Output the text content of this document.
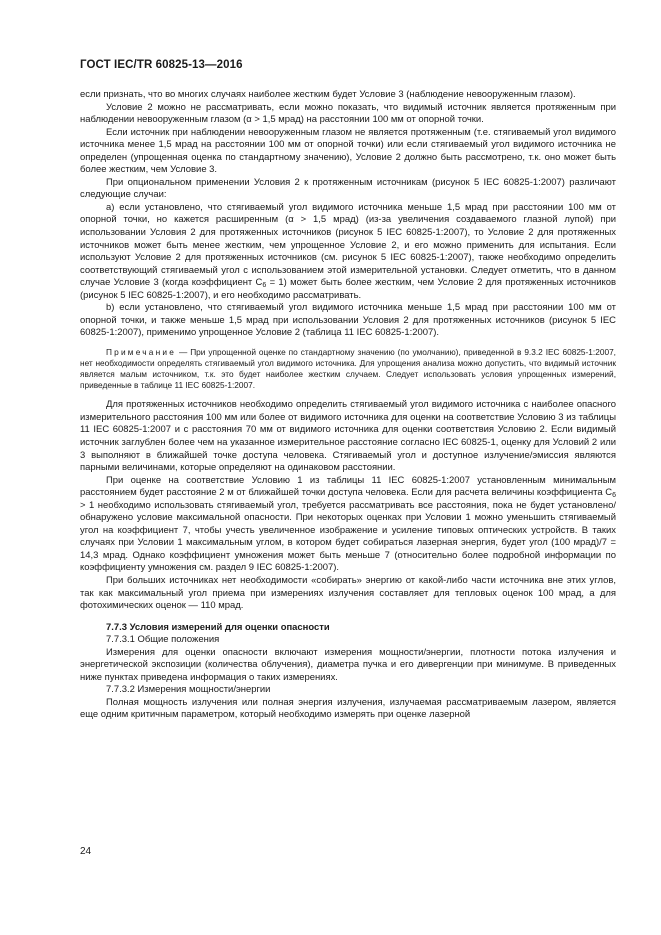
ГОСТ IEC/TR 60825-13—2016

если признать, что во многих случаях наиболее жестким будет Условие 3 (наблюдение невооруженным глазом).

Условие 2 можно не рассматривать, если можно показать, что видимый источник является протяженным при наблюдении невооруженным глазом (α > 1,5 мрад) на расстоянии 100 мм от опорной точки.

Если источник при наблюдении невооруженным глазом не является протяженным (т.е. стягиваемый угол видимого источника менее 1,5 мрад на расстоянии 100 мм от опорной точки) или если стягиваемый угол видимого источника не определен (упрощенная оценка по стандартному значению), Условие 2 должно быть рассмотрено, т.к. оно может быть более жестким, чем Условие 3.

При опциональном применении Условия 2 к протяженным источникам (рисунок 5 IEC 60825-1:2007) различают следующие случаи:

а) если установлено, что стягиваемый угол видимого источника меньше 1,5 мрад при расстоянии 100 мм от опорной точки, но кажется расширенным (α > 1,5 мрад) (из-за увеличения создаваемого глазной лупой) при использовании Условия 2 для протяженных источников (рисунок 5 IEC 60825-1:2007), то Условие 2 для протяженных источников может быть менее жестким, чем упрощенное Условие 2, и его можно применить для испытания. Если используют Условие 2 для протяженных источников (см. рисунок 5 IEC 60825-1:2007), также необходимо определить соответствующий стягиваемый угол с использованием этой измерительной установки. Следует отметить, что в данном случае Условие 3 (когда коэффициент $C_6 = 1$) может быть более жестким, чем Условие 2 для протяженных источников (рисунок 5 IEC 60825-1:2007), и его необходимо рассматривать.

b) если установлено, что стягиваемый угол видимого источника меньше 1,5 мрад при расстоянии 100 мм от опорной точки, и также меньше 1,5 мрад при использовании Условия 2 для протяженных источников (рисунок 5 IEC 60825-1:2007), применимо упрощенное Условие 2 (таблица 11 IEC 60825-1:2007).

Примечание — При упрощенной оценке по стандартному значению (по умолчанию), приведенной в 9.3.2 IEC 60825-1:2007, нет необходимости определять стягиваемый угол видимого источника. Для упрощения анализа можно допустить, что видимый источник является малым источником, т.к. это будет наиболее жестким случаем. Следует использовать условия упрощенных измерений, приведенные в таблице 11 IEC 60825-1:2007.

Для протяженных источников необходимо определить стягиваемый угол видимого источника с наиболее опасного измерительного расстояния 100 мм или более от видимого источника для оценки на соответствие Условию 3 из таблицы 11 IEC 60825-1:2007 и с расстояния 70 мм от видимого источника для оценки соответствия Условию 2. Если видимый источник заглублен более чем на указанное измерительное расстояние согласно IEC 60825-1, оценку для Условий 2 или 3 выполняют в ближайшей точке доступа человека. Стягиваемый угол и доступное излучение/эмиссия являются парными величинами, которые определяют на одинаковом расстоянии.

При оценке на соответствие Условию 1 из таблицы 11 IEC 60825-1:2007 установленным минимальным расстоянием будет расстояние 2 м от ближайшей точки доступа человека. Если для расчета величины коэффициента $C_6 > 1$ необходимо использовать стягиваемый угол, требуется рассматривать все расстояния, пока не будет установлено/обнаружено условие максимальной опасности. При некоторых оценках при Условии 1 можно уменьшить стягиваемый угол на коэффициент 7, чтобы учесть увеличенное изображение и усиление типовых оптических устройств. В таких случаях при Условии 1 максимальным углом, в котором будет собираться лазерная энергия, будет угол (100 мрад)/7 = 14,3 мрад. Однако коэффициент умножения может быть меньше 7 (относительно более подробной информации по коэффициенту умножения см. раздел 9 IEC 60825-1:2007).

При больших источниках нет необходимости «собирать» энергию от какой-либо части источника вне этих углов, так как максимальный угол приема при измерениях излучения составляет для тепловых оценок 100 мрад, а для фотохимических оценок — 110 мрад.

7.7.3 Условия измерений для оценки опасности

7.7.3.1 Общие положения

Измерения для оценки опасности включают измерения мощности/энергии, плотности потока излучения и энергетической экспозиции (количества облучения), диаметра пучка и его дивергенции при минимуме. В приведенных ниже пунктах приведена информация о таких измерениях.

7.7.3.2 Измерения мощности/энергии

Полная мощность излучения или полная энергия излучения, излучаемая рассматриваемым лазером, является еще одним критичным параметром, который необходимо измерять при оценке лазерной

24
